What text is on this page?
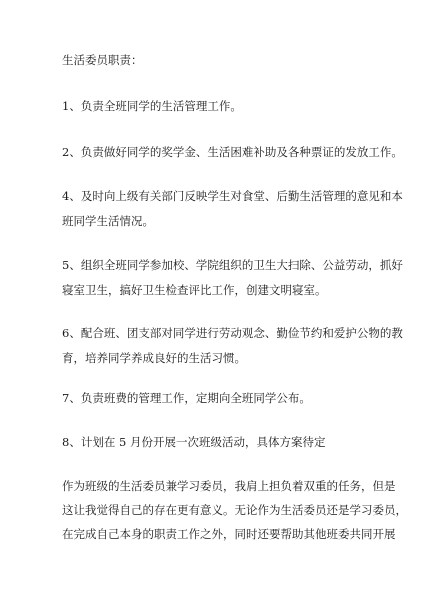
生活委员职责：
1、负责全班同学的生活管理工作。
2、负责做好同学的奖学金、生活困难补助及各种票证的发放工作。
4、及时向上级有关部门反映学生对食堂、后勤生活管理的意见和本
班同学生活情况。
5、组织全班同学参加校、学院组织的卫生大扫除、公益劳动，抓好
寝室卫生，搞好卫生检查评比工作，创建文明寝室。
6、配合班、团支部对同学进行劳动观念、勤俭节约和爱护公物的教
育，培养同学养成良好的生活习惯。
7、负责班费的管理工作，定期向全班同学公布。
8、计划在 5 月份开展一次班级活动，具体方案待定
作为班级的生活委员兼学习委员，我肩上担负着双重的任务，但是
这让我觉得自己的存在更有意义。无论作为生活委员还是学习委员，
在完成自己本身的职责工作之外，同时还要帮助其他班委共同开展
